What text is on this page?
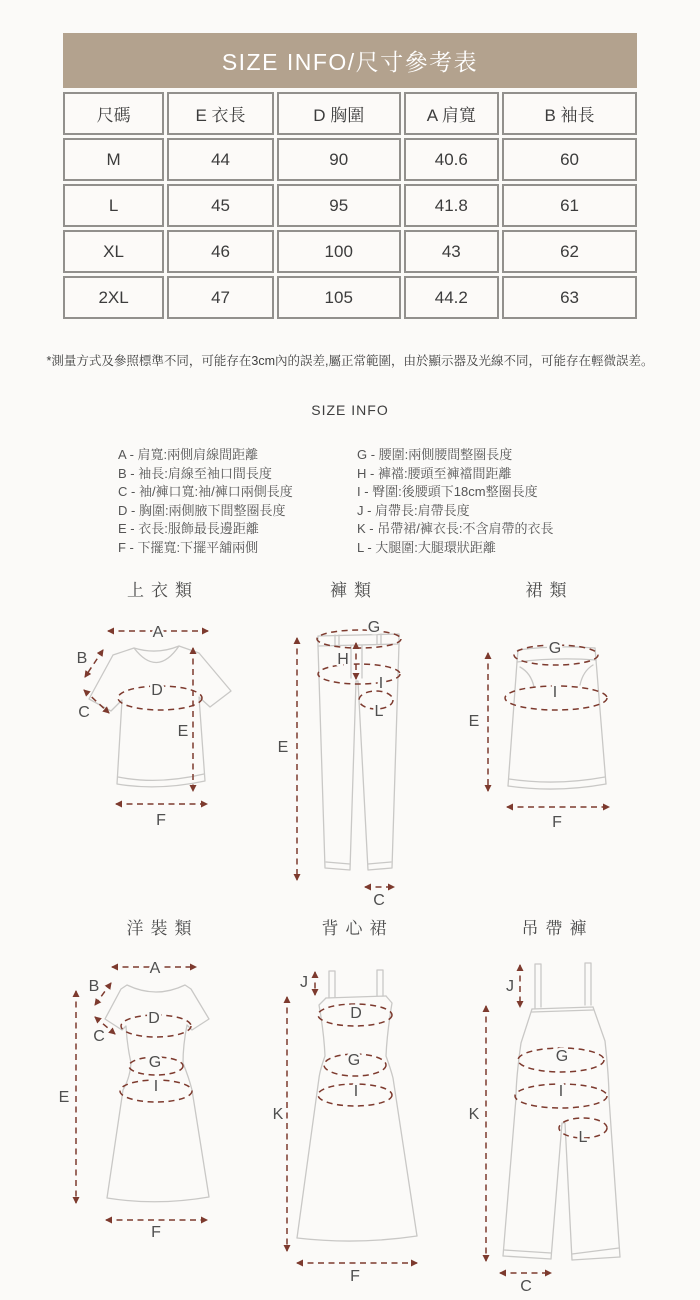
SIZE INFO/尺寸參考表
尺碼	E 衣長	D 胸圍	A 肩寬	B 袖長
M	44	90	40.6	60
L	45	95	41.8	61
XL	46	100	43	62
2XL	47	105	44.2	63
*測量方式及參照標準不同，可能存在3cm內的誤差,屬正常範圍，由於顯示器及光線不同，可能存在輕微誤差。
SIZE INFO
A - 肩寬:兩側肩線間距離
B - 袖長:肩線至袖口間長度
C - 袖/褲口寬:袖/褲口兩側長度
D - 胸圍:兩側腋下間整圈長度
E - 衣長:服飾最長邊距離
F - 下擺寬:下擺平舖兩側
G - 腰圍:兩側腰間整圈長度
H - 褲襠:腰頭至褲襠間距離
I - 臀圍:後腰頭下18cm整圈長度
J - 肩帶長:肩帶長度
K - 吊帶裙/褲衣長:不含肩帶的衣長
L - 大腿圍:大腿環狀距離
上衣類
A
B
C
D
E
F
褲類
G
H
I
L
E
C
裙類
G
I
E
F
洋裝類
A
B
C
D
G
I
E
F
背心裙
J
D
G
I
K
F
吊帶褲
J
G
I
L
K
C
